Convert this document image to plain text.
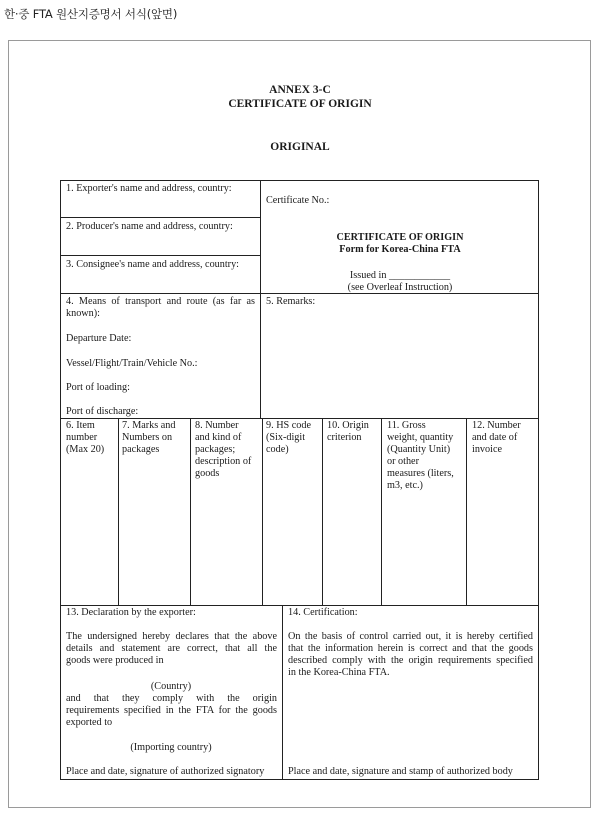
한·중 FTA 원산지증명서 서식(앞면)
ANNEX 3-C
CERTIFICATE OF ORIGIN
ORIGINAL
1. Exporter's name and address, country:
2. Producer's name and address, country:
3. Consignee's name and address, country:
Certificate No.:
CERTIFICATE OF ORIGIN
Form for Korea-China FTA
Issued in ____________
(see Overleaf Instruction)
4. Means of transport and route (as far as
known):
Departure Date:
Vessel/Flight/Train/Vehicle No.:
Port of loading:
Port of discharge:
5. Remarks:
6. Item
number
(Max 20)
7. Marks and
Numbers on
packages
8. Number
and kind of
packages;
description of
goods
9. HS code
(Six-digit
code)
10. Origin
criterion
11. Gross
weight, quantity
(Quantity Unit)
or other
measures (liters,
m3, etc.)
12. Number
and date of
invoice
13. Declaration by the exporter:
The undersigned hereby declares that the above
details and statement are correct, that all the
goods were produced in
(Country)
and that they comply with the origin
requirements specified in the FTA for the goods
exported to
(Importing country)
Place and date, signature of authorized signatory
14. Certification:
On the basis of control carried out, it is hereby certified
that the information herein is correct and that the goods
described comply with the origin requirements specified
in the Korea-China FTA.
Place and date, signature and stamp of authorized body
